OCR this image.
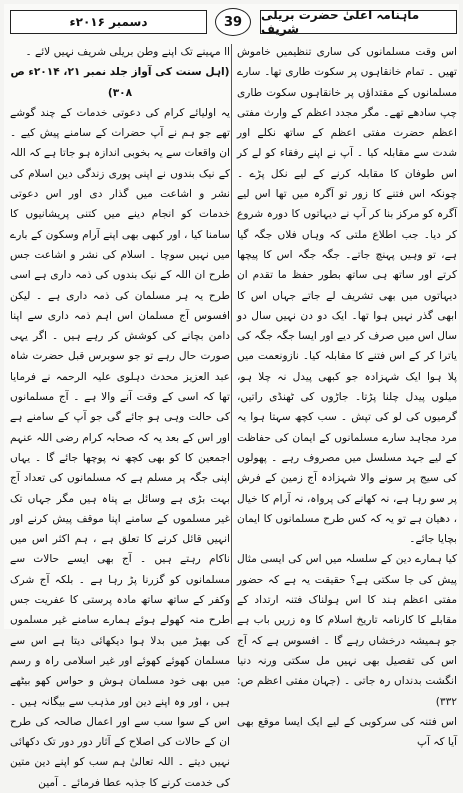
ماہنامہ اعلیٰ حضرت بریلی شریف
39
دسمبر ۲۰۱۶ء

اس وقت مسلمانوں کی ساری تنظیمیں خاموش تھیں ۔ تمام خانقاہوں پر سکوت طاری تھا۔ سارے مسلمانوں کے مقتداؤں پر خانقاہوں سکوت طاری چپ سادھے تھے۔ مگر مجدد اعظم کے وارث مفتی اعظم حضرت مفتی اعظم کے ساتھ نکلے اور شدت سے مقابلہ کیا ۔ آپ نے اپنے رفقاء کو لے کر اس طوفان کا مقابلہ کرنے کے لیے نکل پڑے ۔ چونکہ اس فتنے کا زور تو آگرہ میں تھا اس لیے آگرہ کو مرکز بنا کر آپ نے دیہاتوں کا دورہ شروع کر دیا۔ جب اطلاع ملتی کہ وہاں فلاں جگہ گیا ہے، تو وہیں پہنچ جاتے۔ جگہ جگہ اس کا پیچھا کرتے اور ساتھ ہی ساتھ بطور حفظ ما تقدم ان دیہاتوں میں بھی تشریف لے جاتے جہاں اس کا ابھی گذر نہیں ہوا تھا۔ ایک دو دن نہیں سال دو سال اس میں صرف کر دیے اور ایسا جگہ جگہ کی یاترا کر کے اس فتنے کا مقابلہ کیا۔ نازونعمت میں پلا ہوا ایک شہزادہ جو کبھی پیدل نہ چلا ہو، میلوں پیدل چلنا پڑتا۔ جاڑوں کی ٹھنڈی راتیں، گرمیوں کی لو کی تپش ۔ سب کچھ سہتا ہوا یہ مرد مجاہد سارے مسلمانوں کے ایمان کی حفاظت کے لیے جہد مسلسل میں مصروف رہے ۔ پھولوں کی سیج پر سونے والا شہزادہ آج زمین کے فرش پر سو رہا ہے، نہ کھانے کی پرواہ، نہ آرام کا خیال ، دھیان ہے تو یہ کہ کس طرح مسلمانوں کا ایمان بچایا جائے۔

کیا ہمارے دین کے سلسلہ میں اس کی ایسی مثال پیش کی جا سکتی ہے؟ حقیقت یہ ہے کہ حضور مفتی اعظم ہند کا اس ہولناک فتنہ ارتداد کے مقابلے کا کارنامہ تاریخ اسلام کا وہ زریں باب ہے جو ہمیشہ درخشاں رہے گا ۔ افسوس ہے کہ آج اس کی تفصیل بھی نہیں مل سکتی ورنہ دنیا انگشت بدنداں رہ جاتی ۔ (جہان مفتی اعظم ص: ۳۳۲)

اس فتنہ کی سرکوبی کے لیے ایک ایسا موقع بھی آیا کہ آپ

اا مہینے تک اپنے وطن بریلی شریف نہیں لائے ۔

(اہل سنت کی آواز جلد نمبر ۲۱، ۲۰۱۴ء ص ۳۰۸)

یہ اولیائے کرام کی دعوتی خدمات کے چند گوشے تھے جو ہم نے آپ حضرات کے سامنے پیش کیے ۔ ان واقعات سے یہ بخوبی اندازہ ہو جاتا ہے کہ اللہ کے نیک بندوں نے اپنی پوری زندگی دین اسلام کی نشر و اشاعت میں گذار دی اور اس دعوتی خدمات کو انجام دینے میں کتنی پریشانیوں کا سامنا کیا ، اور کبھی بھی اپنے آرام وسکون کے بارے میں نہیں سوچا ۔ اسلام کی نشر و اشاعت جس طرح ان اللہ کے نیک بندوں کی ذمہ داری ہے اسی طرح یہ ہر مسلمان کی ذمہ داری ہے ۔ لیکن افسوس آج مسلمان اس اہم ذمہ داری سے اپنا دامن بچانے کی کوشش کر رہے ہیں ۔ اگر یہی صورت حال رہے تو جو سوبرس قبل حضرت شاہ عبد العزیز محدث دہلوی علیہ الرحمہ نے فرمایا تھا کہ اسی کے وقت آنے والا ہے ۔ آج مسلمانوں کی حالت وہی ہو جائے گی جو آپ کے سامنے ہے اور اس کے بعد یہ کہ صحابہ کرام رضی اللہ عنہم اجمعین کا کو بھی کچھ نہ پوچھا جائے گا ۔ یہاں اپنی جگہ پر مسلم ہے کہ مسلمانوں کی تعداد آج بہت بڑی ہے وسائل بے پناہ ہیں مگر جہاں تک غیر مسلموں کے سامنے اپنا موقف پیش کرنے اور انہیں قائل کرنے کا تعلق ہے ، ہم اکثر اس میں ناکام رہتے ہیں ۔ آج بھی ایسے حالات سے مسلمانوں کو گزرنا پڑ رہا ہے ۔ بلکہ آج شرک وکفر کے ساتھ ساتھ مادہ پرستی کا عفریت جس طرح منہ کھولے ہوئے ہمارے سامنے غیر مسلموں کی بھیڑ میں بدلا ہوا دیکھائی دیتا ہے اس سے مسلمان کھوئے کھوئے اور غیر اسلامی راہ و رسم میں بھی خود مسلمان ہوش و حواس کھو بیٹھے ہیں ، اور وہ اپنے دین اور مذہب سے بیگانہ ہیں ۔ اس کے سوا سب سے اور اعمال صالحہ کی طرح ان کے حالات کی اصلاح کے آثار دور دور تک دکھائی نہیں دیتے ۔ اللہ تعالیٰ ہم سب کو اپنے دین متین کی خدمت کرنے کا جذبہ عطا فرمائے ۔ آمین
